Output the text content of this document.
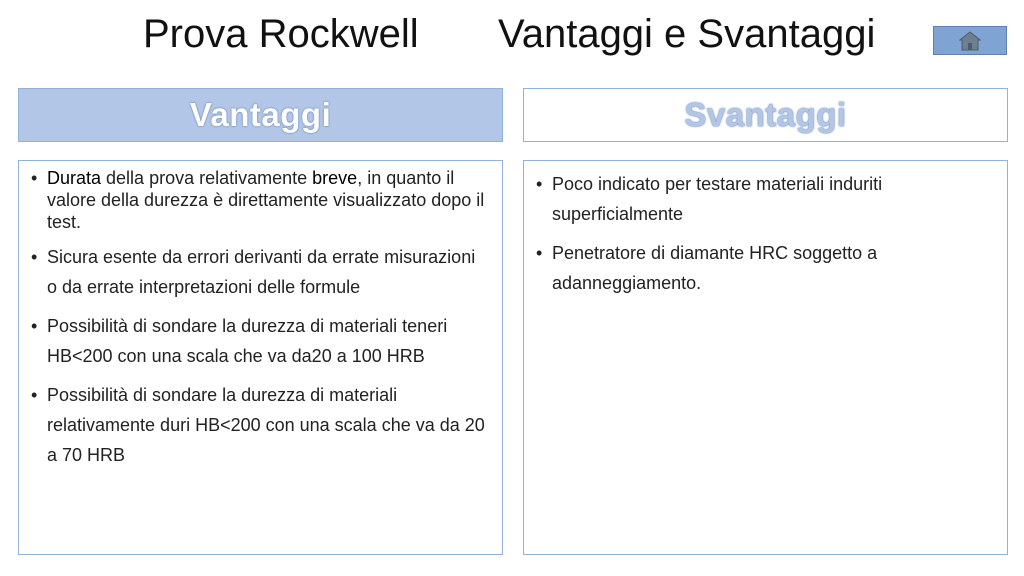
Prova Rockwell Vantaggi e Svantaggi
Vantaggi	Svantaggi
• Durata della prova relativamente breve, in quanto il valore della durezza è direttamente visualizzato dopo il test.
• Sicura esente da errori derivanti da errate misurazioni o da errate interpretazioni delle formule
• Possibilità di sondare la durezza di materiali teneri HB<200 con una scala che va da20 a 100 HRB
• Possibilità di sondare la durezza di materiali relativamente duri HB<200 con una scala che va da 20 a 70 HRB
• Poco indicato per testare materiali induriti superficialmente
• Penetratore di diamante HRC soggetto a adanneggiamento.
